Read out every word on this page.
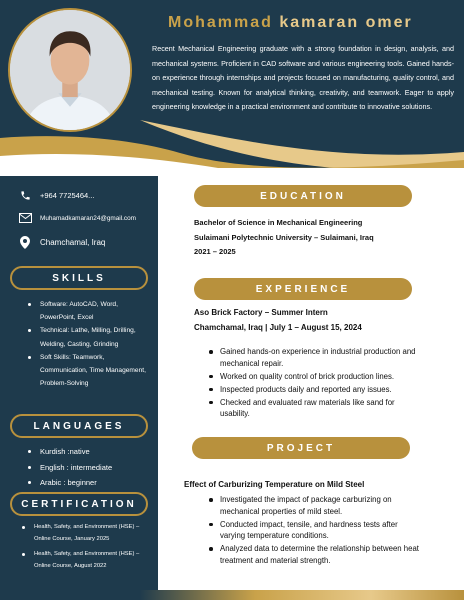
Mohammad kamaran omer
Recent Mechanical Engineering graduate with a strong foundation in design, analysis, and mechanical systems. Proficient in CAD software and various engineering tools. Gained hands-on experience through internships and projects focused on manufacturing, quality control, and mechanical testing. Known for analytical thinking, creativity, and teamwork. Eager to apply engineering knowledge in a practical environment and contribute to innovative solutions.
+964 7725464...
Muhamadkamaran24@gmail.com
Chamchamal, Iraq
SKILLS
Software: AutoCAD, Word, PowerPoint, Excel
Technical: Lathe, Milling, Drilling, Welding, Casting, Grinding
Soft Skills: Teamwork, Communication, Time Management, Problem-Solving
LANGUAGES
Kurdish :native
English : intermediate
Arabic : beginner
CERTIFICATION
Health, Safety, and Environment (HSE) – Online Course, January 2025
Health, Safety, and Environment (HSE) – Online Course, August 2022
EDUCATION
Bachelor of Science in Mechanical Engineering
Sulaimani Polytechnic University – Sulaimani, Iraq
2021 – 2025
EXPERIENCE
Aso Brick Factory – Summer Intern
Chamchamal, Iraq | July 1 – August 15, 2024
Gained hands-on experience in industrial production and mechanical repair.
Worked on quality control of brick production lines.
Inspected products daily and reported any issues.
Checked and evaluated raw materials like sand for usability.
PROJECT
Effect of Carburizing Temperature on Mild Steel
Investigated the impact of package carburizing on mechanical properties of mild steel.
Conducted impact, tensile, and hardness tests after varying temperature conditions.
Analyzed data to determine the relationship between heat treatment and material strength.
